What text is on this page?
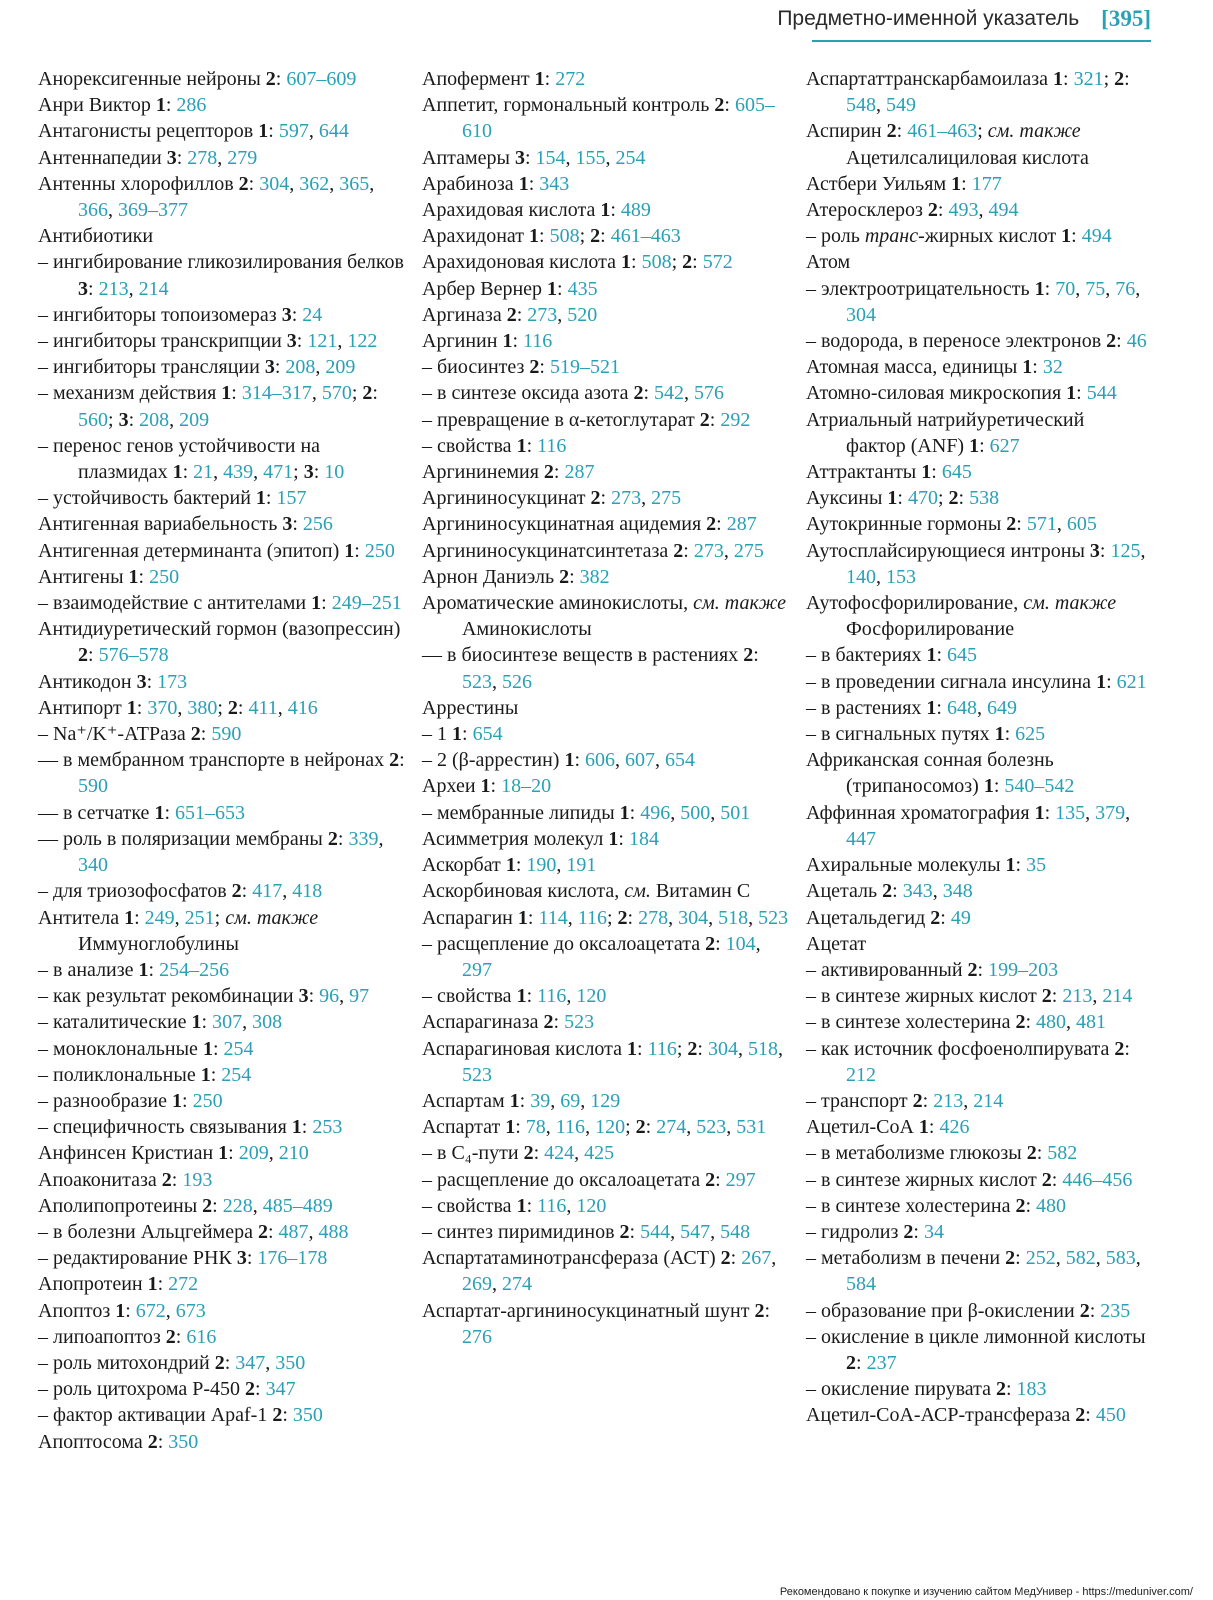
Предметно-именной указатель [395]
Анорексигенные нейроны 2: 607–609
Анри Виктор 1: 286
Антагонисты рецепторов 1: 597, 644
Антеннапедии 3: 278, 279
Антенны хлорофиллов 2: 304, 362, 365, 366, 369–377
Антибиотики
– ингибирование гликозилирования белков 3: 213, 214
– ингибиторы топоизомераз 3: 24
– ингибиторы транскрипции 3: 121, 122
– ингибиторы трансляции 3: 208, 209
– механизм действия 1: 314–317, 570; 2: 560; 3: 208, 209
– перенос генов устойчивости на плазмидах 1: 21, 439, 471; 3: 10
– устойчивость бактерий 1: 157
Антигенная вариабельность 3: 256
Антигенная детерминанта (эпитоп) 1: 250
Антигены 1: 250
– взаимодействие с антителами 1: 249–251
Антидиуретический гормон (вазопрессин) 2: 576–578
Антикодон 3: 173
Антипорт 1: 370, 380; 2: 411, 416
– Na⁺/K⁺-АТРаза 2: 590
–– в мембранном транспорте в нейронах 2: 590
–– в сетчатке 1: 651–653
–– роль в поляризации мембраны 2: 339, 340
– для триозофосфатов 2: 417, 418
Антитела 1: 249, 251; см. также Иммуноглобулины
– в анализе 1: 254–256
– как результат рекомбинации 3: 96, 97
– каталитические 1: 307, 308
– моноклональные 1: 254
– поликлональные 1: 254
– разнообразие 1: 250
– специфичность связывания 1: 253
Анфинсен Кристиан 1: 209, 210
Апоаконитаза 2: 193
Аполипопротеины 2: 228, 485–489
– в болезни Альцгеймера 2: 487, 488
– редактирование РНК 3: 176–178
Апопротеин 1: 272
Апоптоз 1: 672, 673
– липоапоптоз 2: 616
– роль митохондрий 2: 347, 350
– роль цитохрома P-450 2: 347
– фактор активации Apaf-1 2: 350
Апоптосома 2: 350
Апофермент 1: 272
Аппетит, гормональный контроль 2: 605–610
Аптамеры 3: 154, 155, 254
Арабиноза 1: 343
Арахидовая кислота 1: 489
Арахидонат 1: 508; 2: 461–463
Арахидоновая кислота 1: 508; 2: 572
Арбер Вернер 1: 435
Аргиназа 2: 273, 520
Аргинин 1: 116
– биосинтез 2: 519–521
– в синтезе оксида азота 2: 542, 576
– превращение в α-кетоглутарат 2: 292
– свойства 1: 116
Аргининемия 2: 287
Аргининосукцинат 2: 273, 275
Аргининосукцинатная ацидемия 2: 287
Аргининосукцинатсинтетаза 2: 273, 275
Арнон Даниэль 2: 382
Ароматические аминокислоты, см. также Аминокислоты
–– в биосинтезе веществ в растениях 2: 523, 526
Аррестины
– 1 1: 654
– 2 (β-аррестин) 1: 606, 607, 654
Археи 1: 18–20
– мембранные липиды 1: 496, 500, 501
Асимметрия молекул 1: 184
Аскорбат 1: 190, 191
Аскорбиновая кислота, см. Витамин С
Аспарагин 1: 114, 116; 2: 278, 304, 518, 523
– расщепление до оксалоацетата 2: 104, 297
– свойства 1: 116, 120
Аспарагиназа 2: 523
Аспарагиновая кислота 1: 116; 2: 304, 518, 523
Аспартам 1: 39, 69, 129
Аспартат 1: 78, 116, 120; 2: 274, 523, 531
– в C₄-пути 2: 424, 425
– расщепление до оксалоацетата 2: 297
– свойства 1: 116, 120
– синтез пиримидинов 2: 544, 547, 548
Аспартатаминотрансфераза (АСТ) 2: 267, 269, 274
Аспартат-аргининосукцинатный шунт 2: 276
Аспартаттранскарбамоилаза 1: 321; 2: 548, 549
Аспирин 2: 461–463; см. также Ацетилсалициловая кислота
Астбери Уильям 1: 177
Атеросклероз 2: 493, 494
– роль транс-жирных кислот 1: 494
Атом
– электроотрицательность 1: 70, 75, 76, 304
– водорода, в переносе электронов 2: 46
Атомная масса, единицы 1: 32
Атомно-силовая микроскопия 1: 544
Атриальный натрийуретический фактор (ANF) 1: 627
Аттрактанты 1: 645
Ауксины 1: 470; 2: 538
Аутокринные гормоны 2: 571, 605
Аутосплайсирующиеся интроны 3: 125, 140, 153
Аутофосфорилирование, см. также Фосфорилирование
– в бактериях 1: 645
– в проведении сигнала инсулина 1: 621
– в растениях 1: 648, 649
– в сигнальных путях 1: 625
Африканская сонная болезнь (трипаносомоз) 1: 540–542
Аффинная хроматография 1: 135, 379, 447
Ахиральные молекулы 1: 35
Ацеталь 2: 343, 348
Ацетальдегид 2: 49
Ацетат
– активированный 2: 199–203
– в синтезе жирных кислот 2: 213, 214
– в синтезе холестерина 2: 480, 481
– как источник фосфоенолпирувата 2: 212
– транспорт 2: 213, 214
Ацетил-СоА 1: 426
– в метаболизме глюкозы 2: 582
– в синтезе жирных кислот 2: 446–456
– в синтезе холестерина 2: 480
– гидролиз 2: 34
– метаболизм в печени 2: 252, 582, 583, 584
– образование при β-окислении 2: 235
– окисление в цикле лимонной кислоты 2: 237
– окисление пирувата 2: 183
Ацетил-СоА-АСР-трансфераза 2: 450
Рекомендовано к покупке и изучению сайтом МедУнивер - https://meduniver.com/
